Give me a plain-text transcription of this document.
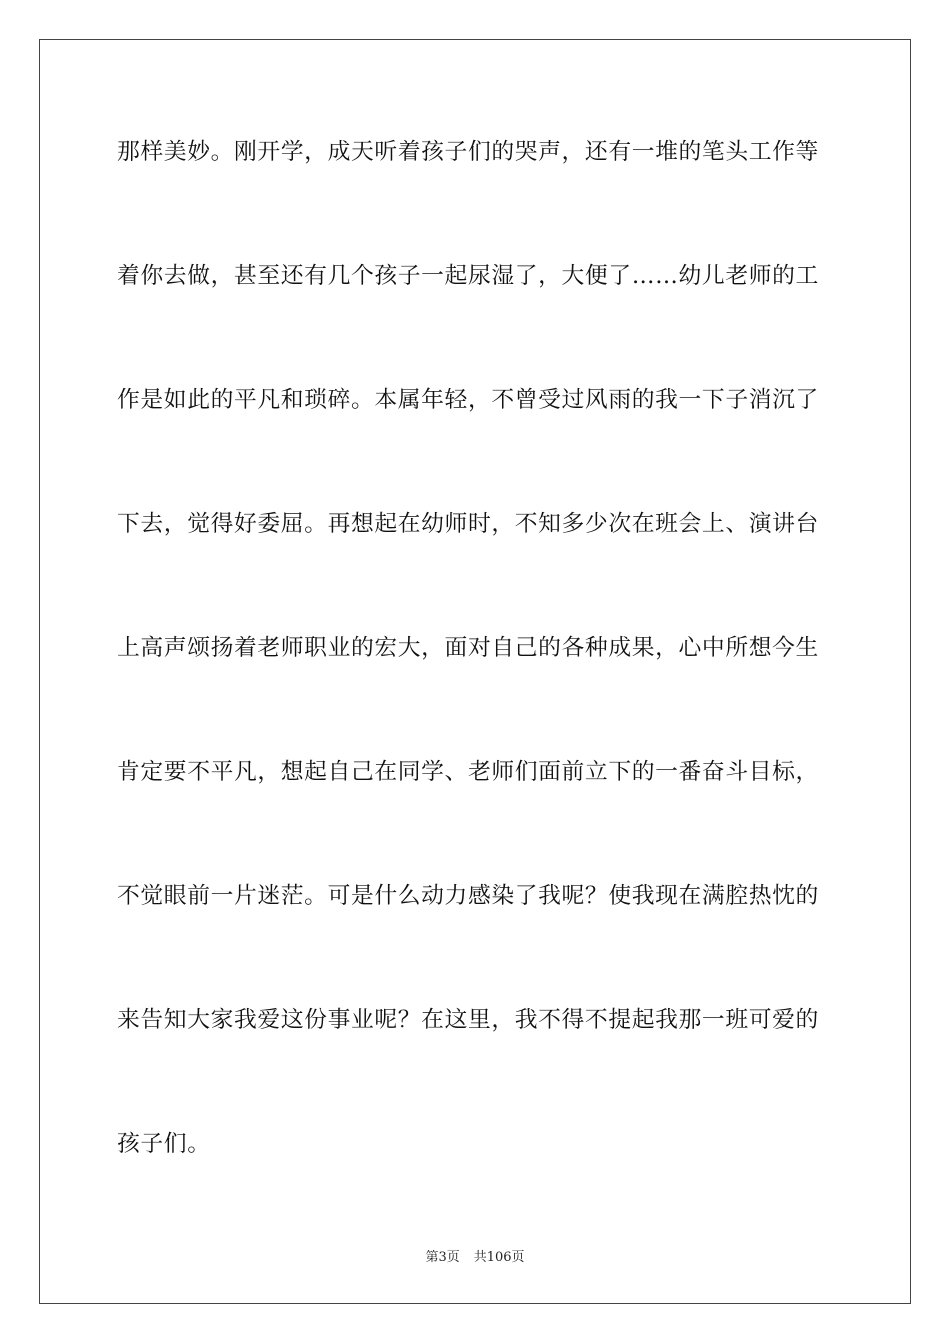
那样美妙。刚开学，成天听着孩子们的哭声，还有一堆的笔头工作等
着你去做，甚至还有几个孩子一起尿湿了，大便了……幼儿老师的工
作是如此的平凡和琐碎。本属年轻，不曾受过风雨的我一下子消沉了
下去，觉得好委屈。再想起在幼师时，不知多少次在班会上、演讲台
上高声颂扬着老师职业的宏大，面对自己的各种成果，心中所想今生
肯定要不平凡，想起自己在同学、老师们面前立下的一番奋斗目标，
不觉眼前一片迷茫。可是什么动力感染了我呢？使我现在满腔热忱的
来告知大家我爱这份事业呢？在这里，我不得不提起我那一班可爱的
孩子们。
第3页 共106页
